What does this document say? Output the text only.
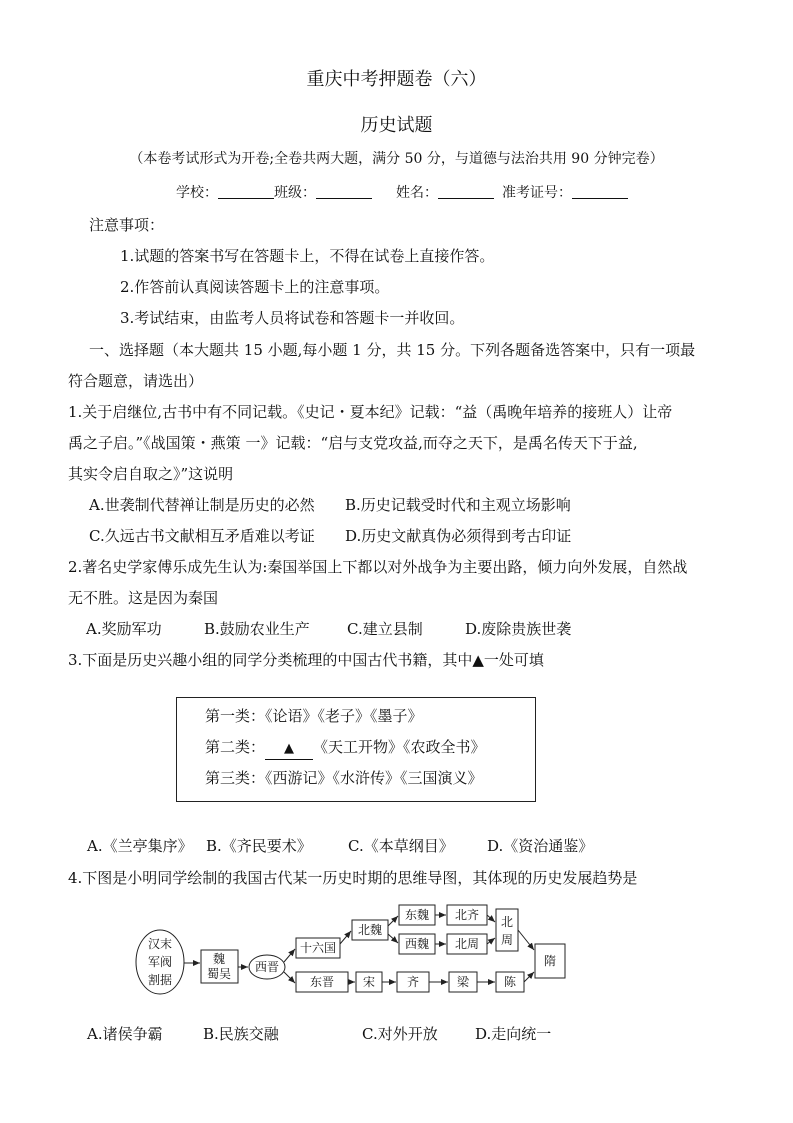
重庆中考押题卷（六）
历史试题
（本卷考试形式为开卷;全卷共两大题，满分 50 分，与道德与法治共用 90 分钟完卷）
学校：	班级：	姓名：	准考证号：
注意事项：
1.试题的答案书写在答题卡上，不得在试卷上直接作答。
2.作答前认真阅读答题卡上的注意事项。
3.考试结束，由监考人员将试卷和答题卡一并收回。
一、选择题（本大题共 15 小题,每小题 1 分，共 15 分。下列各题备选答案中，只有一项最
符合题意，请选出）
1.关于启继位,古书中有不同记载。《史记・夏本纪》记载：“益（禹晚年培养的接班人）让帝
禹之子启。”《战国策・燕策 一》记载：“启与支党攻益,而夺之天下，是禹名传天下于益,
其实令启自取之》”这说明
A.世袭制代替禅让制是历史的必然 B.历史记载受时代和主观立场影响
C.久远古书文献相互矛盾难以考证 D.历史文献真伪必须得到考古印证
2.著名史学家傅乐成先生认为:秦国举国上下都以对外战争为主要出路，倾力向外发展，自然战
无不胜。这是因为秦国
A.奖励军功	B.鼓励农业生产 C.建立县制	D.废除贵族世袭
3.下面是历史兴趣小组的同学分类梳理的中国古代书籍，其中▲一处可填
第一类：《论语》《老子》《墨子》
第二类： ▲ 《天工开物》《农政全书》
第三类：《西游记》《水浒传》《三国演义》
A.《兰亭集序》 B.《齐民要术》 C.《本草纲目》 D.《资治通鉴》
4.下图是小明同学绘制的我国古代某一历史时期的思维导图，其体现的历史发展趋势是
汉末
军阀
割据
魏
蜀吴 西晋
十六国
北魏
东魏
西魏
北齐
北周
北
周
东晋 宋	齐	梁	陈
隋
A.诸侯争霸	B.民族交融	C.对外开放 D.走向统一
